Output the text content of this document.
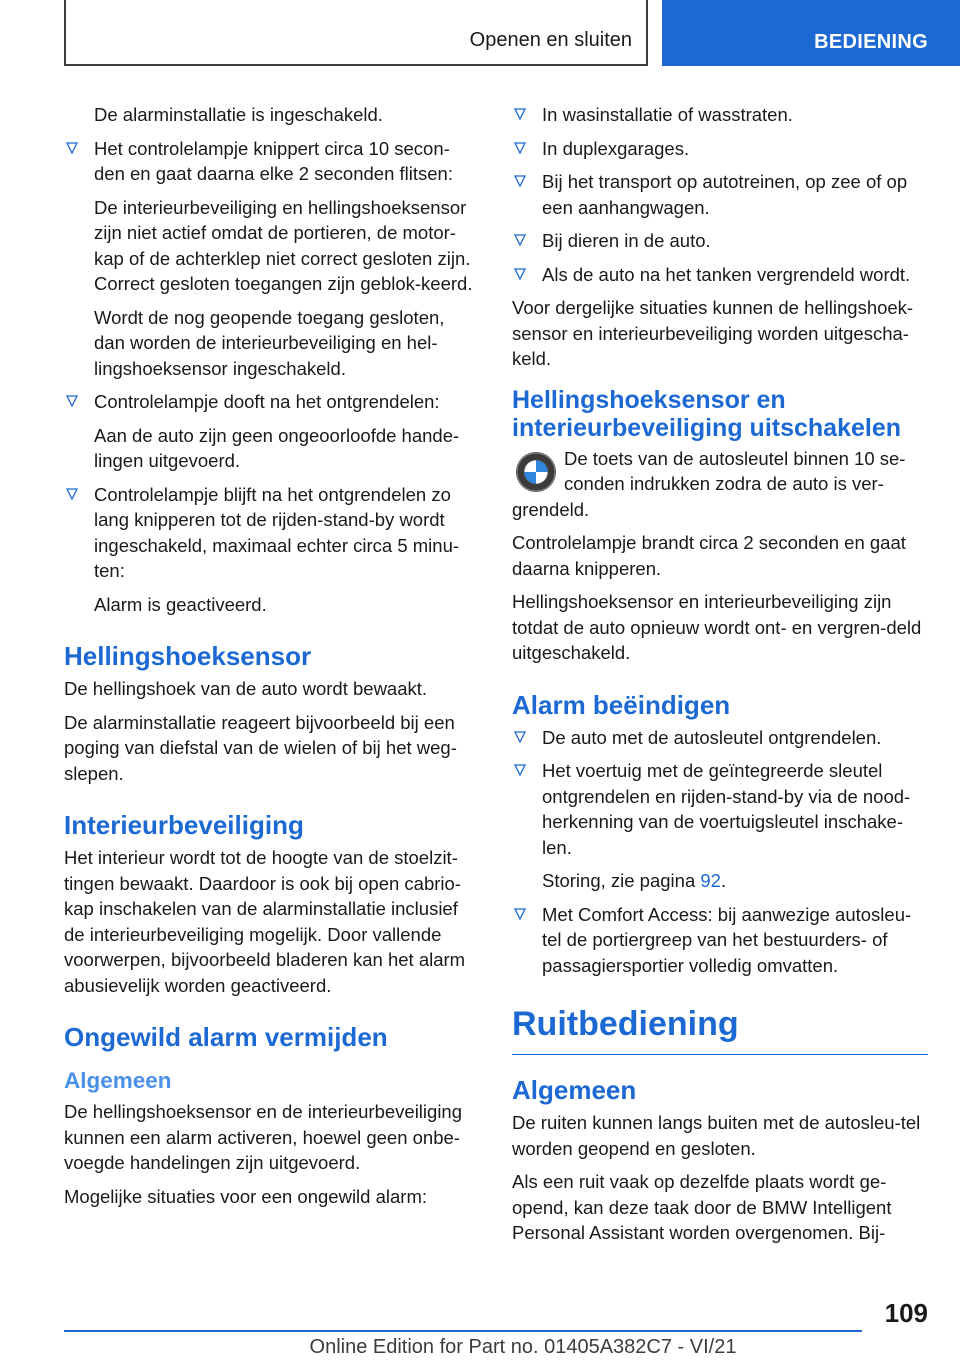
Openen en sluiten	BEDIENING

De alarminstallatie is ingeschakeld.

Het controlelampje knippert circa 10 secon-den en gaat daarna elke 2 seconden flitsen:

De interieurbeveiliging en hellingshoeksensor zijn niet actief omdat de portieren, de motor-kap of de achterklep niet correct gesloten zijn. Correct gesloten toegangen zijn geblok-keerd.

Wordt de nog geopende toegang gesloten, dan worden de interieurbeveiliging en hel-lingshoeksensor ingeschakeld.

Controlelampje dooft na het ontgrendelen:

Aan de auto zijn geen ongeoorloofde hande-lingen uitgevoerd.

Controlelampje blijft na het ontgrendelen zo lang knipperen tot de rijden-stand-by wordt ingeschakeld, maximaal echter circa 5 minu-ten:

Alarm is geactiveerd.

Hellingshoeksensor

De hellingshoek van de auto wordt bewaakt.

De alarminstallatie reageert bijvoorbeeld bij een poging van diefstal van de wielen of bij het weg-slepen.

Interieurbeveiliging

Het interieur wordt tot de hoogte van de stoelzit-tingen bewaakt. Daardoor is ook bij open cabrio-kap inschakelen van de alarminstallatie inclusief de interieurbeveiliging mogelijk. Door vallende voorwerpen, bijvoorbeeld bladeren kan het alarm abusievelijk worden geactiveerd.

Ongewild alarm vermijden
Algemeen

De hellingshoeksensor en de interieurbeveiliging kunnen een alarm activeren, hoewel geen onbe-voegde handelingen zijn uitgevoerd.

Mogelijke situaties voor een ongewild alarm:

In wasinstallatie of wasstraten.

In duplexgarages.

Bij het transport op autotreinen, op zee of op een aanhangwagen.

Bij dieren in de auto.

Als de auto na het tanken vergrendeld wordt.

Voor dergelijke situaties kunnen de hellingshoek-sensor en interieurbeveiliging worden uitgescha-keld.

Hellingshoeksensor en interieurbeveiliging uitschakelen

De toets van de autosleutel binnen 10 se-conden indrukken zodra de auto is ver-grendeld.

Controlelampje brandt circa 2 seconden en gaat daarna knipperen.

Hellingshoeksensor en interieurbeveiliging zijn totdat de auto opnieuw wordt ont- en vergren-deld uitgeschakeld.

Alarm beëindigen

De auto met de autosleutel ontgrendelen.

Het voertuig met de geïntegreerde sleutel ontgrendelen en rijden-stand-by via de nood-herkenning van de voertuigsleutel inschake-len.

Storing, zie pagina 92.

Met Comfort Access: bij aanwezige autosleu-tel de portiergreep van het bestuurders- of passagiersportier volledig omvatten.

Ruitbediening
Algemeen

De ruiten kunnen langs buiten met de autosleu-tel worden geopend en gesloten.

Als een ruit vaak op dezelfde plaats wordt ge-opend, kan deze taak door de BMW Intelligent Personal Assistant worden overgenomen. Bij-

109
Online Edition for Part no. 01405A382C7 - VI/21
